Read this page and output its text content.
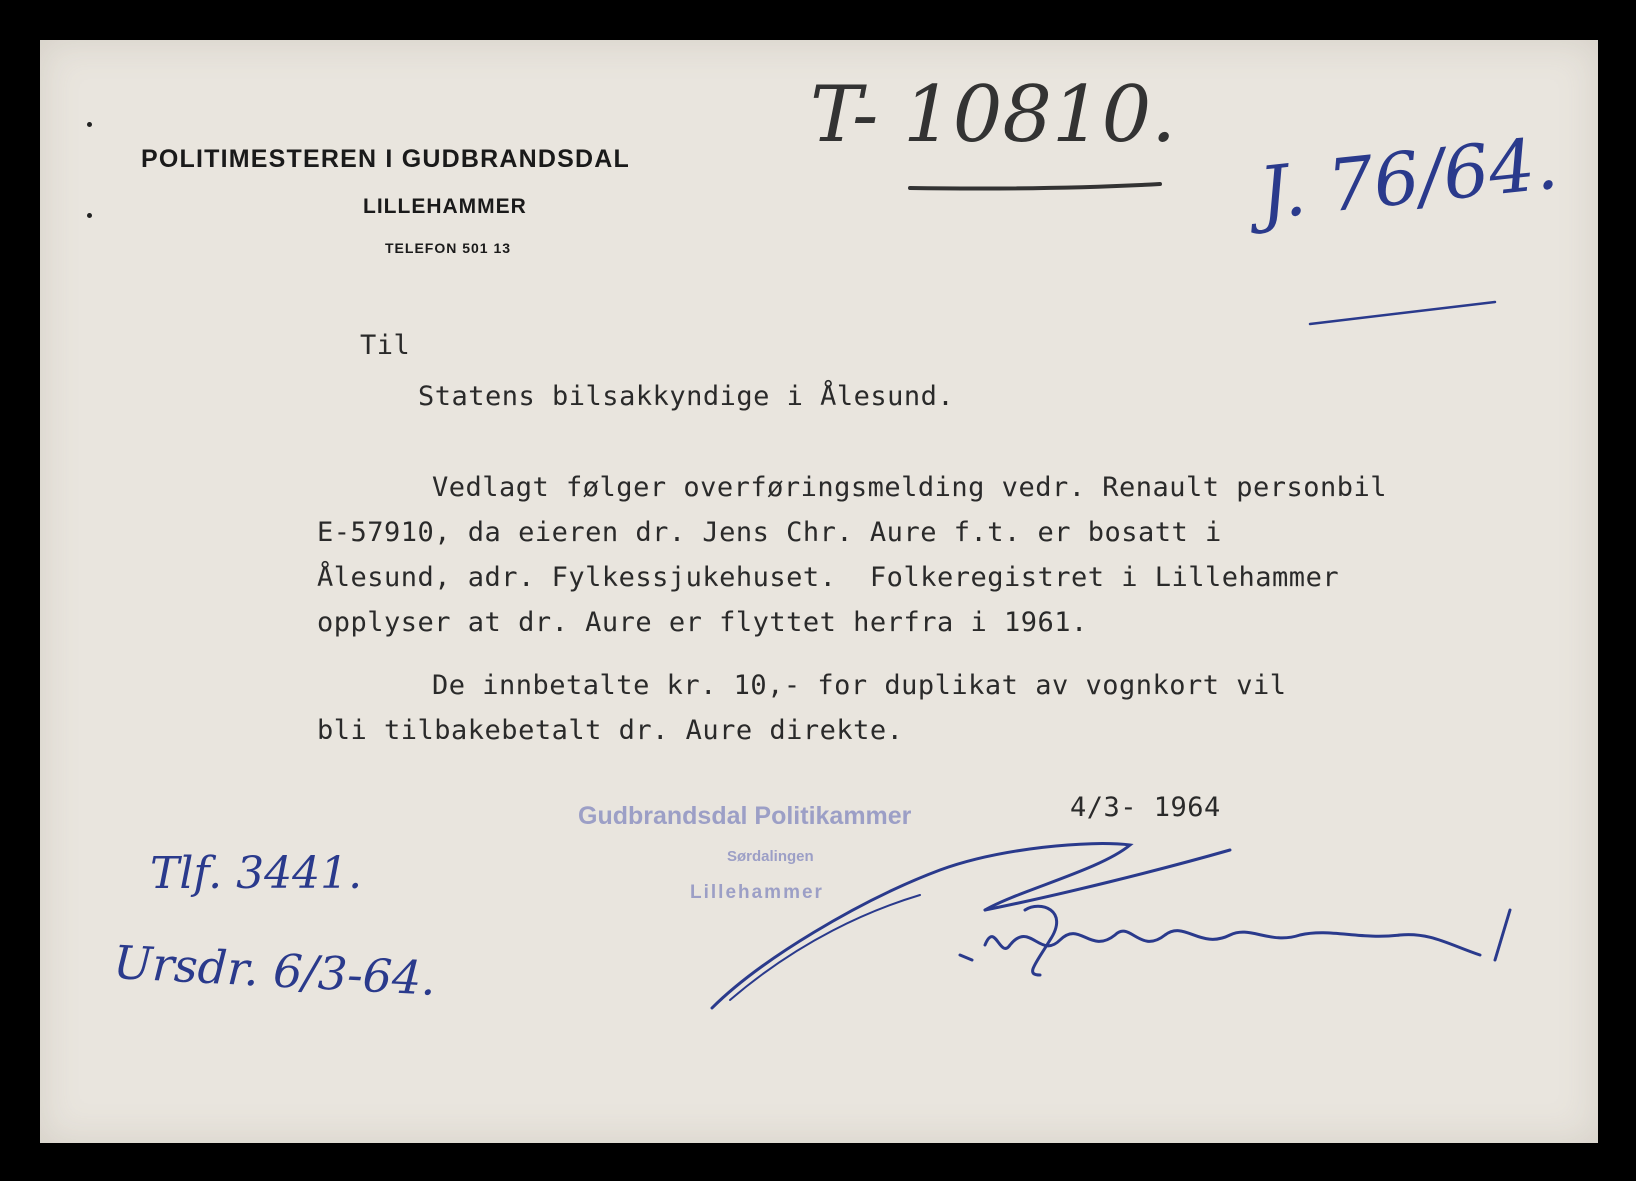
POLITIMESTEREN I GUDBRANDSDAL
LILLEHAMMER
TELEFON 501 13
T- 10810.
J. 76/64.
Til
Statens bilsakkyndige i Ålesund.
Vedlagt følger overføringsmelding vedr. Renault personbil
E-57910, da eieren dr. Jens Chr. Aure f.t. er bosatt i
Ålesund, adr. Fylkessjukehuset.  Folkeregistret i Lillehammer
opplyser at dr. Aure er flyttet herfra i 1961.
De innbetalte kr. 10,- for duplikat av vognkort vil
bli tilbakebetalt dr. Aure direkte.
4/3- 1964
Gudbrandsdal Politikammer
Sørdalingen
Lillehammer
Tlf. 3441.
Ursdr. 6/3-64.
